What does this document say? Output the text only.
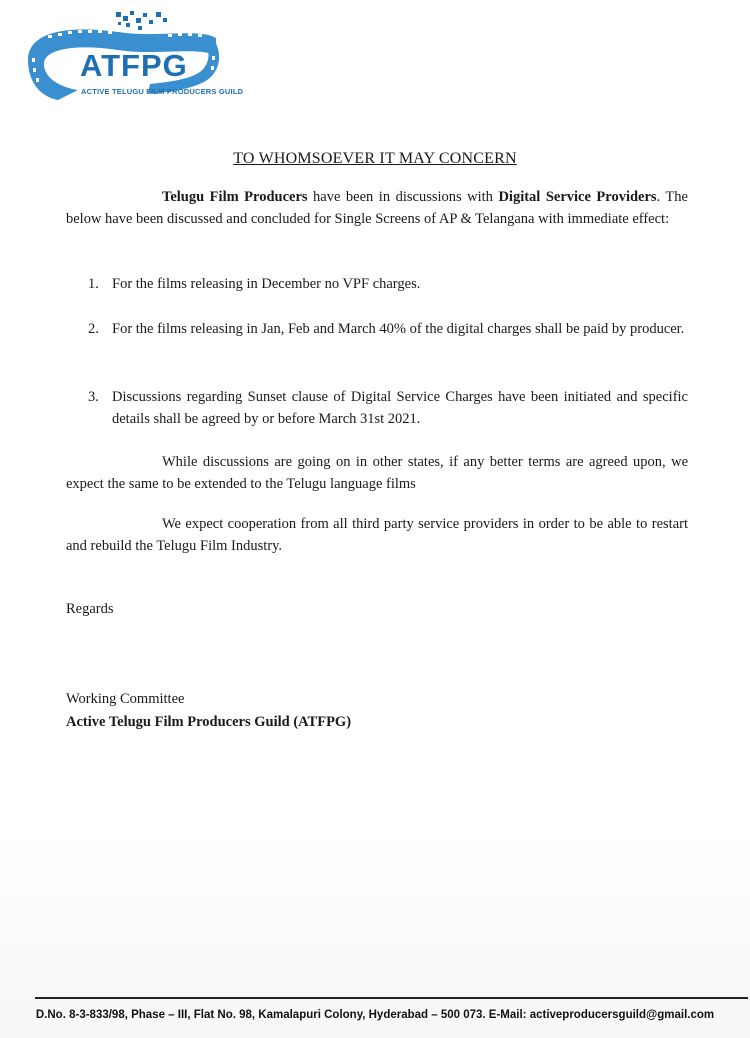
ATFPG
ACTIVE TELUGU FILM PRODUCERS GUILD
TO WHOMSOEVER IT MAY CONCERN
Telugu Film Producers have been in discussions with Digital Service Providers. The below have been discussed and concluded for Single Screens of AP & Telangana with immediate effect:
1. For the films releasing in December no VPF charges.
2. For the films releasing in Jan, Feb and March 40% of the digital charges shall be paid by producer.
3. Discussions regarding Sunset clause of Digital Service Charges have been initiated and specific details shall be agreed by or before March 31st 2021.
While discussions are going on in other states, if any better terms are agreed upon, we expect the same to be extended to the Telugu language films
We expect cooperation from all third party service providers in order to be able to restart and rebuild the Telugu Film Industry.
Regards
Working Committee
Active Telugu Film Producers Guild (ATFPG)
D.No. 8-3-833/98, Phase – III, Flat No. 98, Kamalapuri Colony, Hyderabad – 500 073. E-Mail: activeproducersguild@gmail.com
